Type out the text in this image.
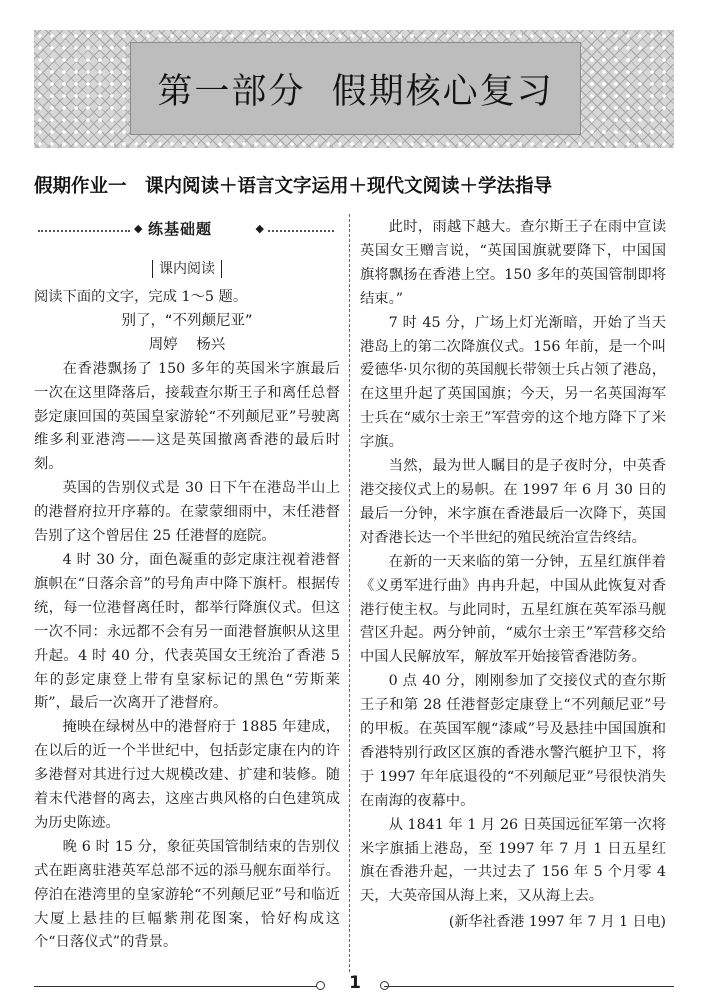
第一部分  假期核心复习
假期作业一　课内阅读＋语言文字运用＋现代文阅读＋学法指导
◆ 练基础题	◆
课内阅读
阅读下面的文字，完成 1～5 题。
别了，“不列颠尼亚”
周婷 杨兴

在香港飘扬了 150 多年的英国米字旗最后一次在这里降落后，接载查尔斯王子和离任总督彭定康回国的英国皇家游轮“不列颠尼亚”号驶离维多利亚港湾——这是英国撤离香港的最后时刻。

英国的告别仪式是 30 日下午在港岛半山上的港督府拉开序幕的。在蒙蒙细雨中，末任港督告别了这个曾居住 25 任港督的庭院。

4 时 30 分，面色凝重的彭定康注视着港督旗帜在“日落余音”的号角声中降下旗杆。根据传统，每一位港督离任时，都举行降旗仪式。但这一次不同：永远都不会有另一面港督旗帜从这里升起。4 时 40 分，代表英国女王统治了香港 5 年的彭定康登上带有皇家标记的黑色“劳斯莱斯”，最后一次离开了港督府。

掩映在绿树丛中的港督府于 1885 年建成，在以后的近一个半世纪中，包括彭定康在内的许多港督对其进行过大规模改建、扩建和装修。随着末代港督的离去，这座古典风格的白色建筑成为历史陈迹。

晚 6 时 15 分，象征英国管制结束的告别仪式在距离驻港英军总部不远的添马舰东面举行。停泊在港湾里的皇家游轮“不列颠尼亚”号和临近大厦上悬挂的巨幅紫荆花图案，恰好构成这个“日落仪式”的背景。

此时，雨越下越大。查尔斯王子在雨中宣读英国女王赠言说，“英国国旗就要降下，中国国旗将飘扬在香港上空。150 多年的英国管制即将结束。”

7 时 45 分，广场上灯光渐暗，开始了当天港岛上的第二次降旗仪式。156 年前，是一个叫爱德华·贝尔彻的英国舰长带领士兵占领了港岛，在这里升起了英国国旗；今天，另一名英国海军士兵在“威尔士亲王”军营旁的这个地方降下了米字旗。

当然，最为世人瞩目的是子夜时分，中英香港交接仪式上的易帜。在 1997 年 6 月 30 日的最后一分钟，米字旗在香港最后一次降下，英国对香港长达一个半世纪的殖民统治宣告终结。

在新的一天来临的第一分钟，五星红旗伴着《义勇军进行曲》冉冉升起，中国从此恢复对香港行使主权。与此同时，五星红旗在英军添马舰营区升起。两分钟前，“威尔士亲王”军营移交给中国人民解放军，解放军开始接管香港防务。

0 点 40 分，刚刚参加了交接仪式的查尔斯王子和第 28 任港督彭定康登上“不列颠尼亚”号的甲板。在英国军舰“漆咸”号及悬挂中国国旗和香港特别行政区区旗的香港水警汽艇护卫下，将于 1997 年年底退役的“不列颠尼亚”号很快消失在南海的夜幕中。

从 1841 年 1 月 26 日英国远征军第一次将米字旗插上港岛，至 1997 年 7 月 1 日五星红旗在香港升起，一共过去了 156 年 5 个月零 4 天，大英帝国从海上来，又从海上去。

(新华社香港 1997 年 7 月 1 日电)
1
